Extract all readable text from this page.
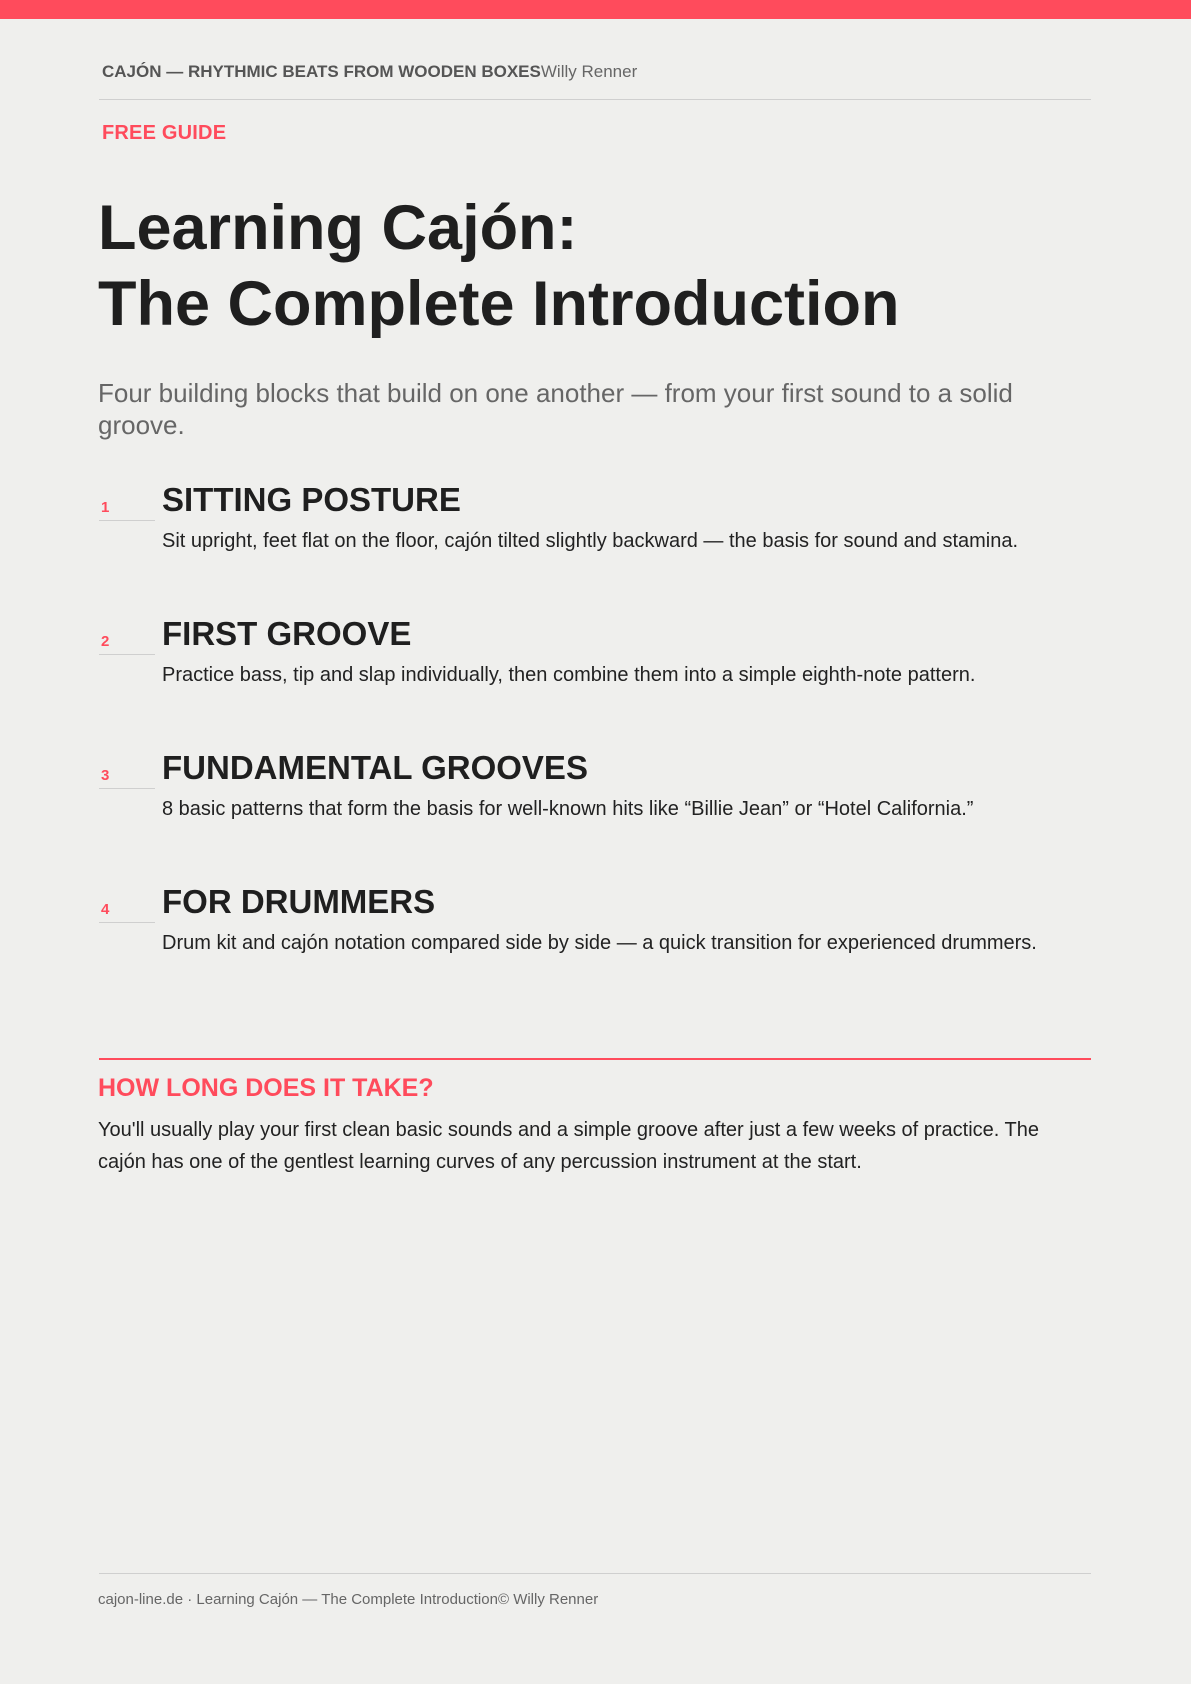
CAJÓN — RHYTHMIC BEATS FROM WOODEN BOXESWilly Renner
FREE GUIDE
Learning Cajón:
The Complete Introduction

Four building blocks that build on one another — from your first sound to a solid groove.

1 SITTING POSTURE

Sit upright, feet flat on the floor, cajón tilted slightly backward — the basis for sound and stamina.

2 FIRST GROOVE

Practice bass, tip and slap individually, then combine them into a simple eighth-note pattern.

3 FUNDAMENTAL GROOVES

8 basic patterns that form the basis for well-known hits like “Billie Jean” or “Hotel California.”

4 FOR DRUMMERS

Drum kit and cajón notation compared side by side — a quick transition for experienced drummers.

HOW LONG DOES IT TAKE?

You'll usually play your first clean basic sounds and a simple groove after just a few weeks of practice. The cajón has one of the gentlest learning curves of any percussion instrument at the start.

cajon-line.de · Learning Cajón — The Complete Introduction© Willy Renner
